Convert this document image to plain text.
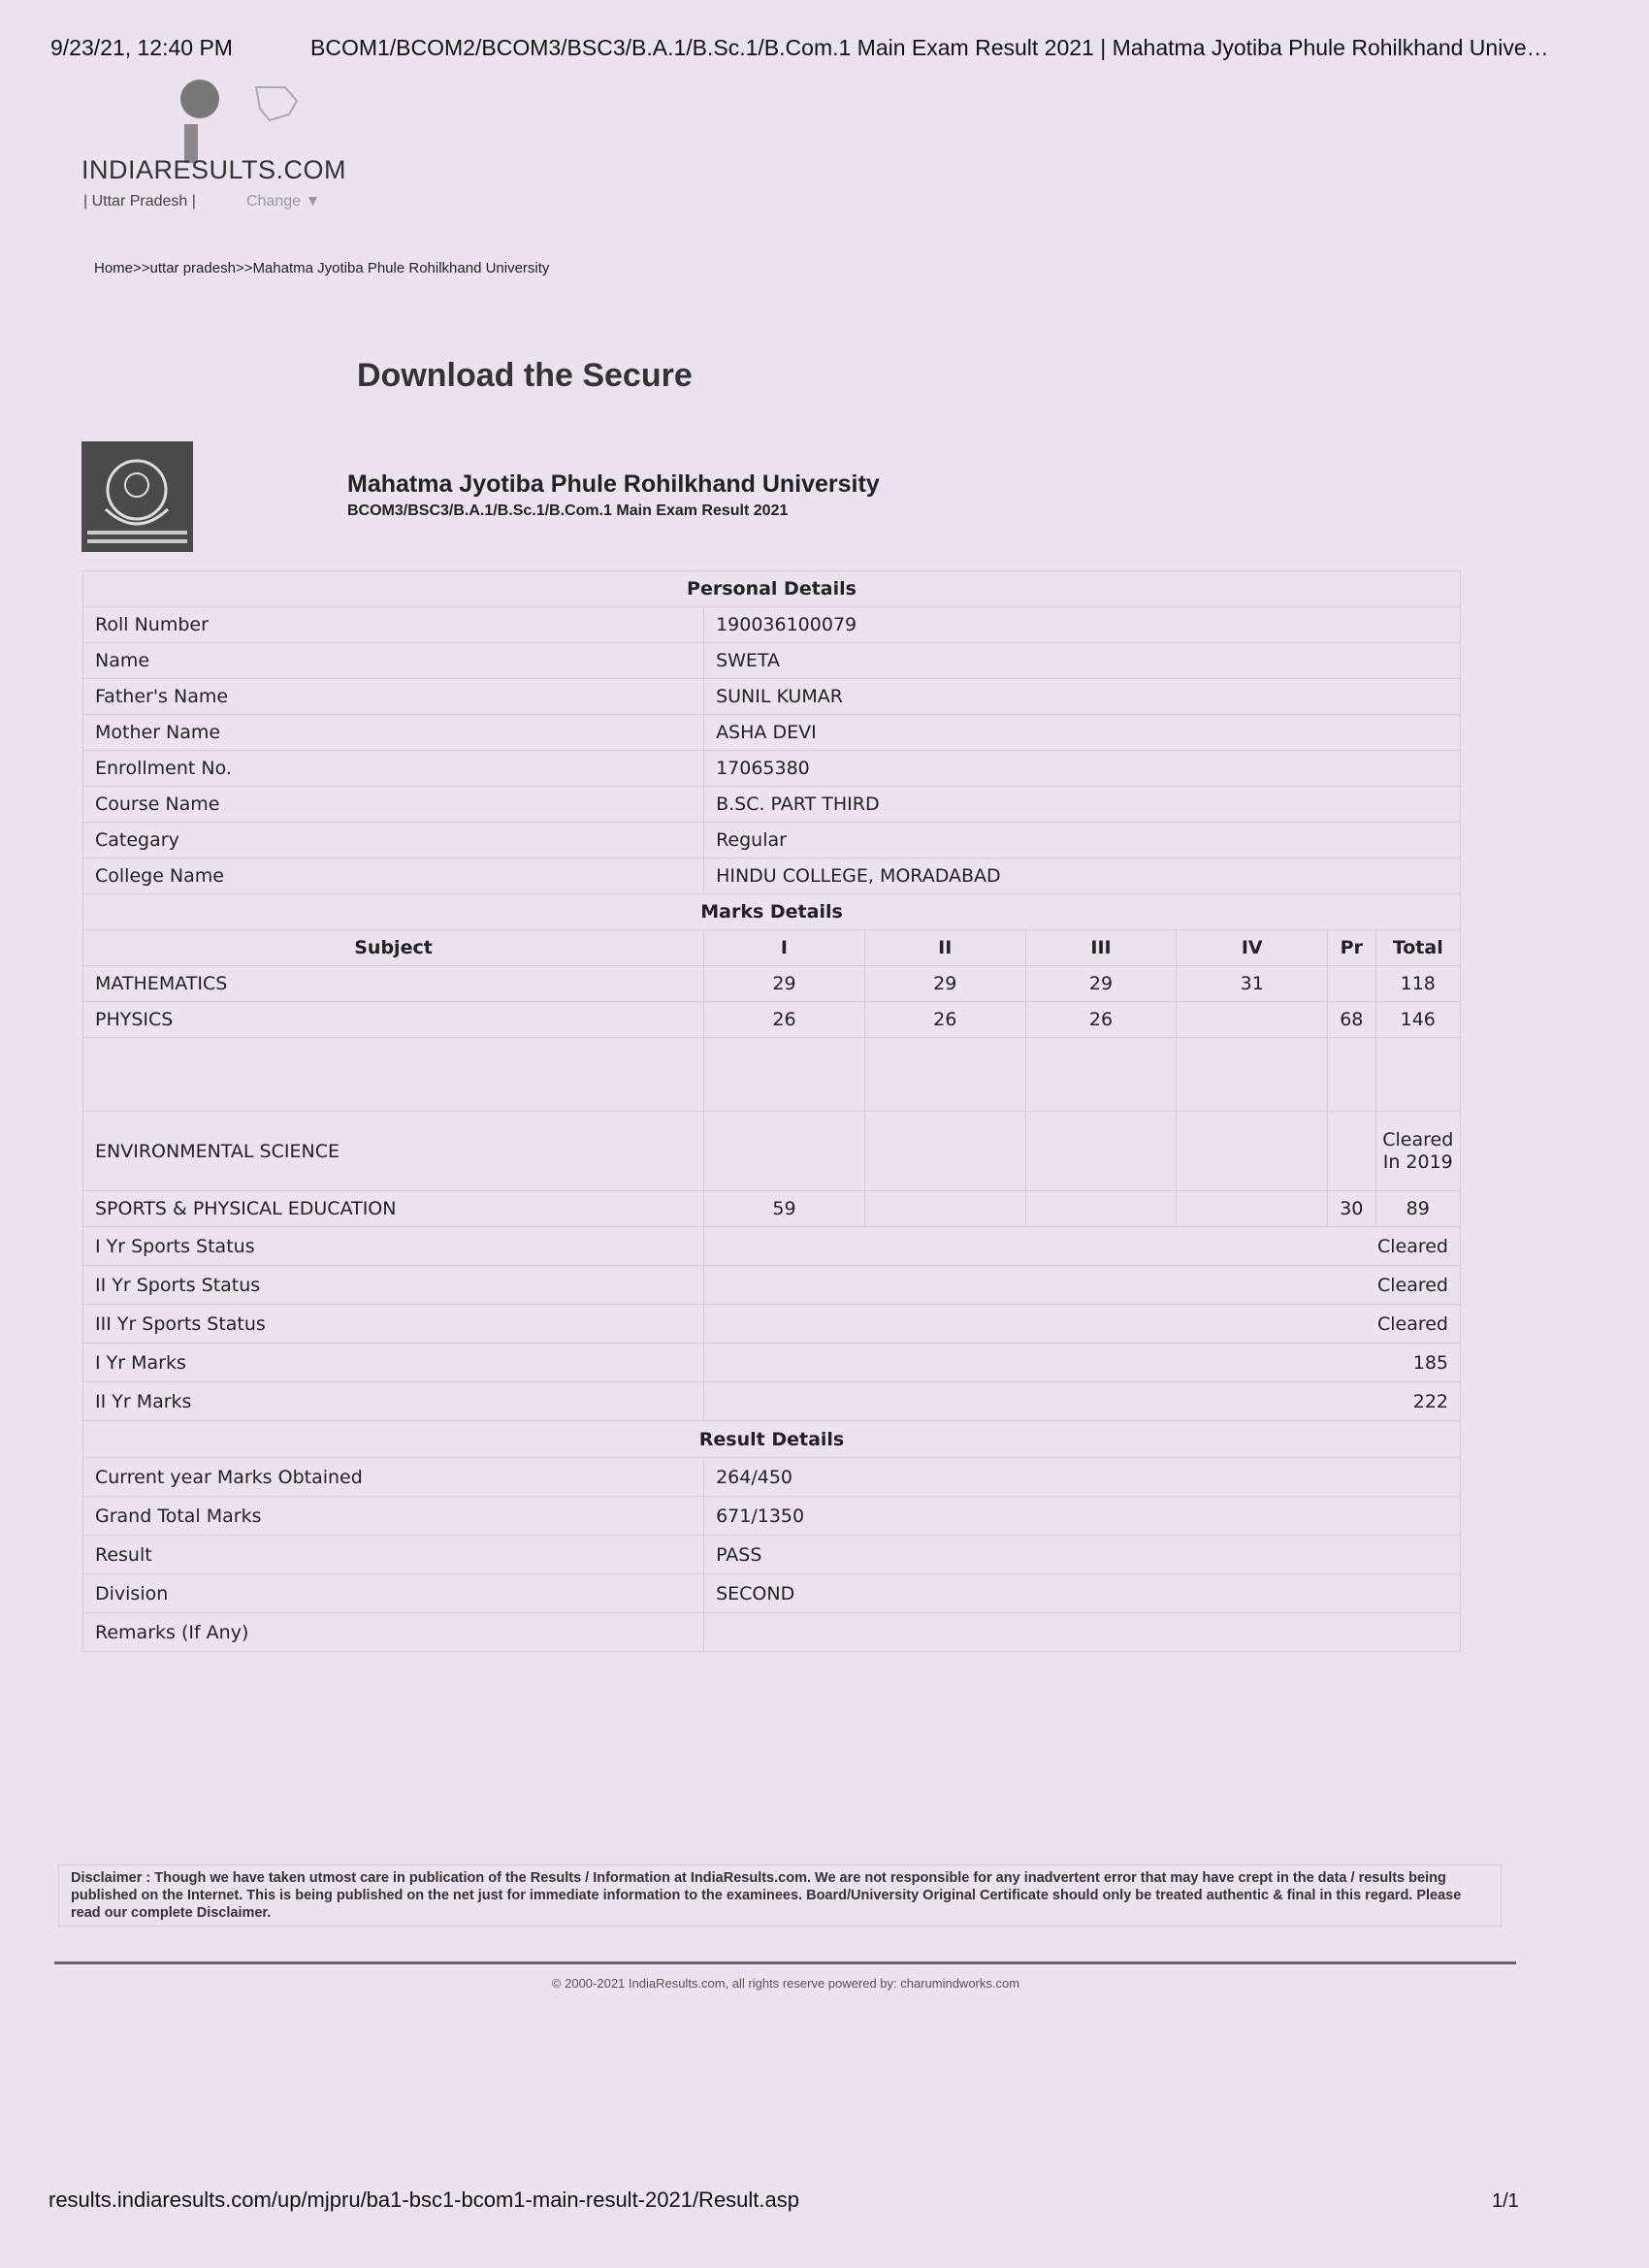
9/23/21, 12:40 PM	BCOM1/BCOM2/BCOM3/BSC3/B.A.1/B.Sc.1/B.Com.1 Main Exam Result 2021 | Mahatma Jyotiba Phule Rohilkhand Unive…
INDIARESULTS.COM
| Uttar Pradesh |	Change ▼
Home>>uttar pradesh>>Mahatma Jyotiba Phule Rohilkhand University
Download the Secure
Mahatma Jyotiba Phule Rohilkhand University
BCOM3/BSC3/B.A.1/B.Sc.1/B.Com.1 Main Exam Result 2021
Personal Details						
Roll Number	190036100079					
Name	SWETA					
Father's Name	SUNIL KUMAR					
Mother Name	ASHA DEVI					
Enrollment No.	17065380					
Course Name	B.SC. PART THIRD					
Categary	Regular					
College Name	HINDU COLLEGE, MORADABAD					
Marks Details						
Subject	I	II	III	IV	Pr	Total
MATHEMATICS	29	29	29	31		118
PHYSICS	26	26	26		68	146

ENVIRONMENTAL SCIENCE						Cleared In 2019
SPORTS & PHYSICAL EDUCATION	59				30	89
I Yr Sports Status	Cleared					
II Yr Sports Status	Cleared					
III Yr Sports Status	Cleared					
I Yr Marks	185					
II Yr Marks	222					
Result Details						
Current year Marks Obtained	264/450					
Grand Total Marks	671/1350					
Result	PASS					
Division	SECOND					
Remarks (If Any)						
Disclaimer : Though we have taken utmost care in publication of the Results / Information at IndiaResults.com. We are not responsible for any inadvertent error that may have crept in the data / results being published on the Internet. This is being published on the net just for immediate information to the examinees. Board/University Original Certificate should only be treated authentic & final in this regard. Please read our complete Disclaimer.
© 2000-2021 IndiaResults.com, all rights reserve powered by: charumindworks.com
results.indiaresults.com/up/mjpru/ba1-bsc1-bcom1-main-result-2021/Result.asp	1/1
